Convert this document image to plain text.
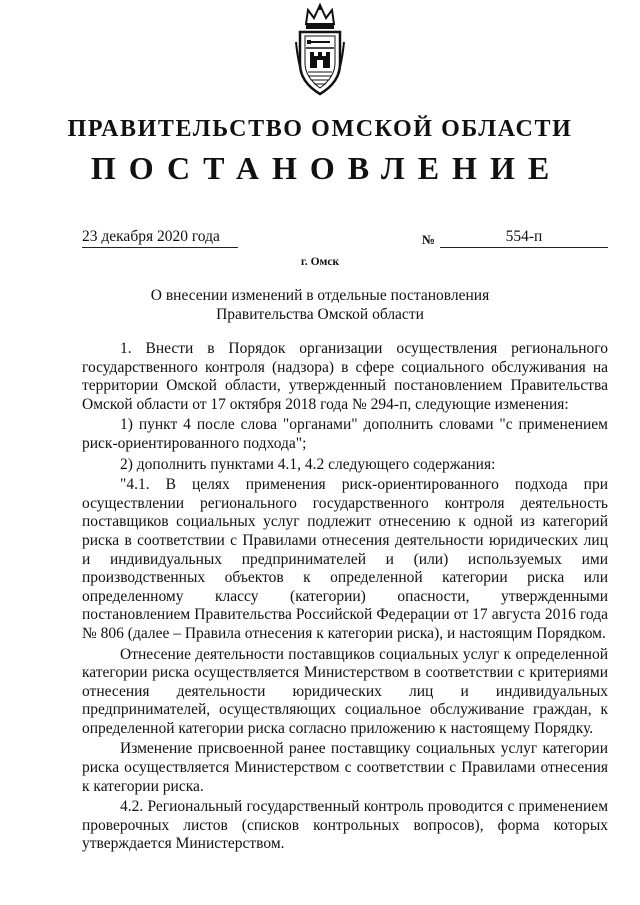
ПРАВИТЕЛЬСТВО ОМСКОЙ ОБЛАСТИ
ПОСТАНОВЛЕНИЕ
23 декабря 2020 года	№	554-п
г. Омск
О внесении изменений в отдельные постановления
Правительства Омской области

1. Внести в Порядок организации осуществления регионального государственного контроля (надзора) в сфере социального обслуживания на территории Омской области, утвержденный постановлением Правительства Омской области от 17 октября 2018 года № 294-п, следующие изменения:

1) пункт 4 после слова "органами" дополнить словами "с применением риск-ориентированного подхода";

2) дополнить пунктами 4.1, 4.2 следующего содержания:

"4.1. В целях применения риск-ориентированного подхода при осуществлении регионального государственного контроля деятельность поставщиков социальных услуг подлежит отнесению к одной из категорий риска в соответствии с Правилами отнесения деятельности юридических лиц и индивидуальных предпринимателей и (или) используемых ими производственных объектов к определенной категории риска или определенному классу (категории) опасности, утвержденными постановлением Правительства Российской Федерации от 17 августа 2016 года № 806 (далее – Правила отнесения к категории риска), и настоящим Порядком.

Отнесение деятельности поставщиков социальных услуг к определенной категории риска осуществляется Министерством в соответствии с критериями отнесения деятельности юридических лиц и индивидуальных предпринимателей, осуществляющих социальное обслуживание граждан, к определенной категории риска согласно приложению к настоящему Порядку.

Изменение присвоенной ранее поставщику социальных услуг категории риска осуществляется Министерством с соответствии с Правилами отнесения к категории риска.

4.2. Региональный государственный контроль проводится с применением проверочных листов (списков контрольных вопросов), форма которых утверждается Министерством.
